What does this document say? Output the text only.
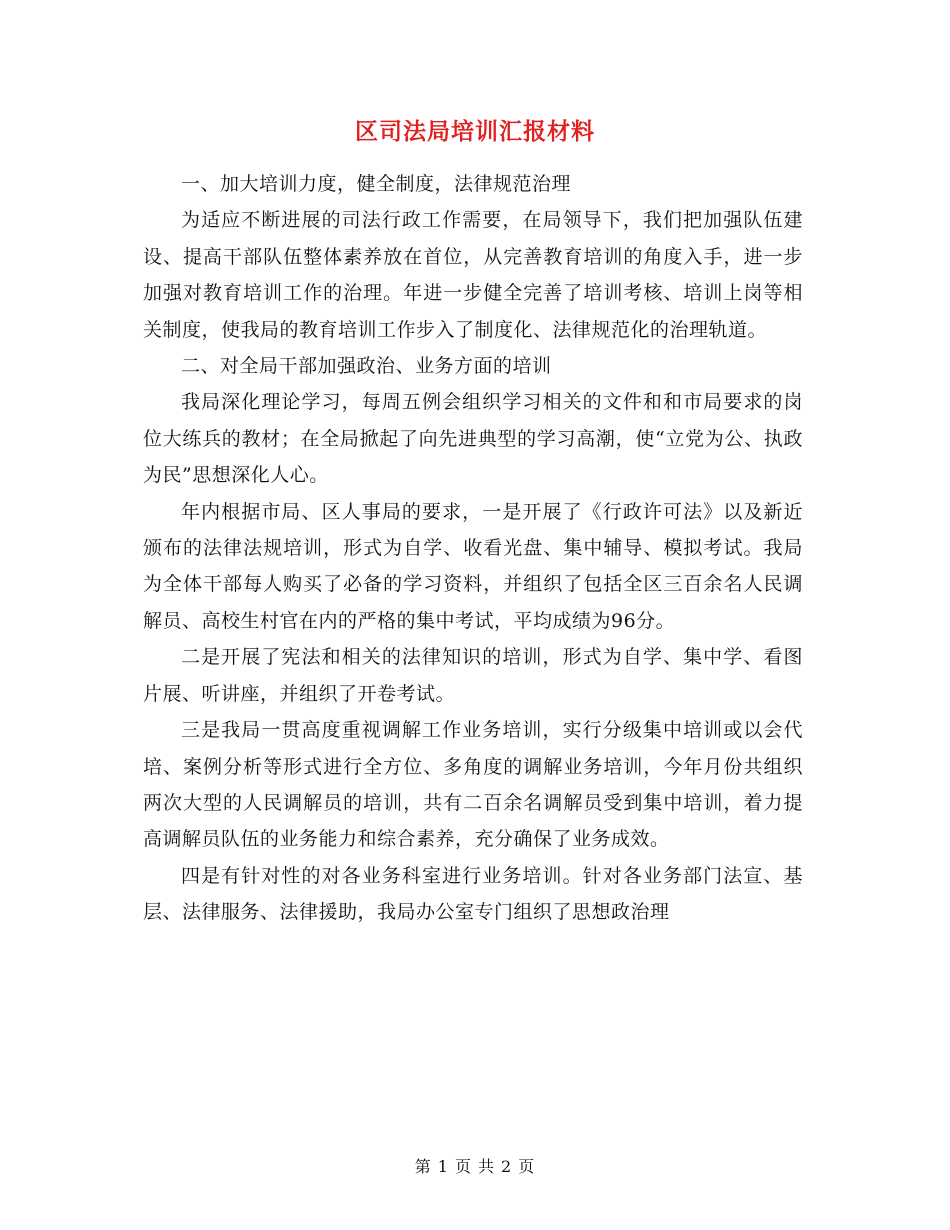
区司法局培训汇报材料

一、加大培训力度，健全制度，法律规范治理

为适应不断进展的司法行政工作需要，在局领导下，我们把加强队伍建设、提高干部队伍整体素养放在首位，从完善教育培训的角度入手，进一步加强对教育培训工作的治理。年进一步健全完善了培训考核、培训上岗等相关制度，使我局的教育培训工作步入了制度化、法律规范化的治理轨道。

二、对全局干部加强政治、业务方面的培训

我局深化理论学习，每周五例会组织学习相关的文件和和市局要求的岗位大练兵的教材；在全局掀起了向先进典型的学习高潮，使“立党为公、执政为民”思想深化人心。

年内根据市局、区人事局的要求，一是开展了《行政许可法》以及新近颁布的法律法规培训，形式为自学、收看光盘、集中辅导、模拟考试。我局为全体干部每人购买了必备的学习资料，并组织了包括全区三百余名人民调解员、高校生村官在内的严格的集中考试，平均成绩为96分。

二是开展了宪法和相关的法律知识的培训，形式为自学、集中学、看图片展、听讲座，并组织了开卷考试。

三是我局一贯高度重视调解工作业务培训，实行分级集中培训或以会代培、案例分析等形式进行全方位、多角度的调解业务培训，今年月份共组织两次大型的人民调解员的培训，共有二百余名调解员受到集中培训，着力提高调解员队伍的业务能力和综合素养，充分确保了业务成效。

四是有针对性的对各业务科室进行业务培训。针对各业务部门法宣、基层、法律服务、法律援助，我局办公室专门组织了思想政治理

第 1 页 共 2 页
